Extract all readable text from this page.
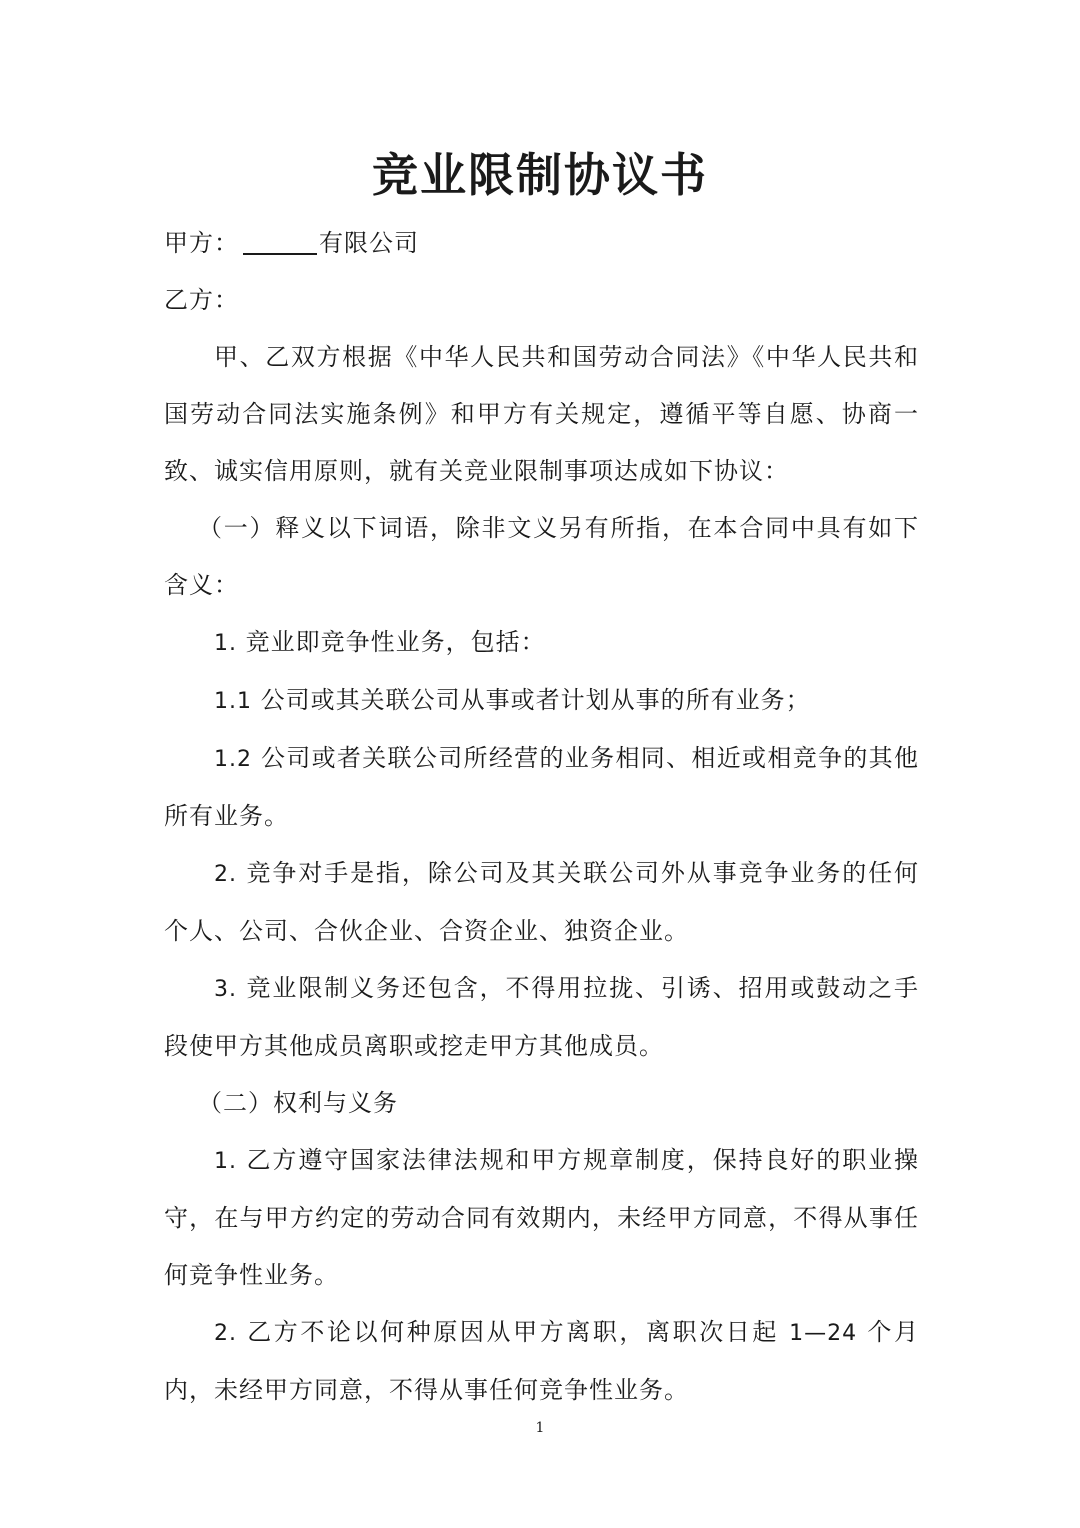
竞业限制协议书

甲方：	有限公司

乙方：

甲、乙双方根据《中华人民共和国劳动合同法》《中华人民共和国劳动合同法实施条例》和甲方有关规定，遵循平等自愿、协商一致、诚实信用原则，就有关竞业限制事项达成如下协议：

（一）释义以下词语，除非文义另有所指，在本合同中具有如下含义：

1. 竞业即竞争性业务，包括：

1.1 公司或其关联公司从事或者计划从事的所有业务；

1.2 公司或者关联公司所经营的业务相同、相近或相竞争的其他所有业务。

2. 竞争对手是指，除公司及其关联公司外从事竞争业务的任何个人、公司、合伙企业、合资企业、独资企业。

3. 竞业限制义务还包含，不得用拉拢、引诱、招用或鼓动之手段使甲方其他成员离职或挖走甲方其他成员。

（二）权利与义务

1. 乙方遵守国家法律法规和甲方规章制度，保持良好的职业操守，在与甲方约定的劳动合同有效期内，未经甲方同意，不得从事任何竞争性业务。

2. 乙方不论以何种原因从甲方离职，离职次日起 1—24 个月内，未经甲方同意，不得从事任何竞争性业务。

1
